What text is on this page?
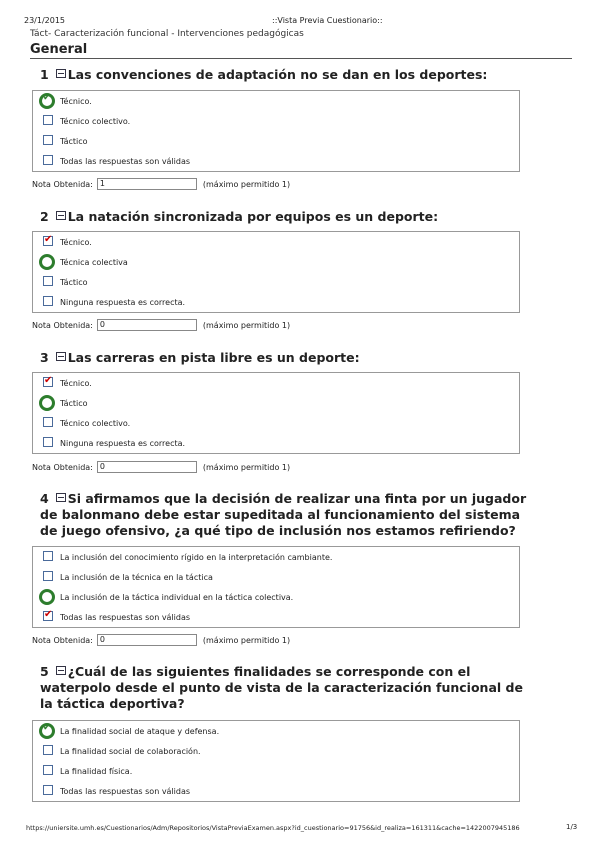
23/1/2015	::Vista Previa Cuestionario::
Táct- Caracterización funcional - Intervenciones pedagógicas
General
1 Las convenciones de adaptación no se dan en los deportes:
✔
Técnico.
Técnico colectivo.
Táctico
Todas las respuestas son válidas
Nota Obtenida: 1	(máximo permitido 1)
2 La natación sincronizada por equipos es un deporte:
✔
Técnico.
Técnica colectiva
Táctico
Ninguna respuesta es correcta.
Nota Obtenida: 0	(máximo permitido 1)
3 Las carreras en pista libre es un deporte:
✔
Técnico.
Táctico
Técnico colectivo.
Ninguna respuesta es correcta.
Nota Obtenida: 0	(máximo permitido 1)
4 Si afirmamos que la decisión de realizar una finta por un jugador de balonmano debe estar supeditada al funcionamiento del sistema de juego ofensivo, ¿a qué tipo de inclusión nos estamos refiriendo?
La inclusión del conocimiento rígido en la interpretación cambiante.
La inclusión de la técnica en la táctica
La inclusión de la táctica individual en la táctica colectiva.
✔
Todas las respuestas son válidas
Nota Obtenida: 0	(máximo permitido 1)
5 ¿Cuál de las siguientes finalidades se corresponde con el waterpolo desde el punto de vista de la caracterización funcional de la táctica deportiva?
✔
La finalidad social de ataque y defensa.
La finalidad social de colaboración.
La finalidad física.
Todas las respuestas son válidas
https://uniersite.umh.es/Cuestionarios/Adm/Repositorios/VistaPreviaExamen.aspx?id_cuestionario=91756&id_realiza=161311&cache=1422007945186	1/3
